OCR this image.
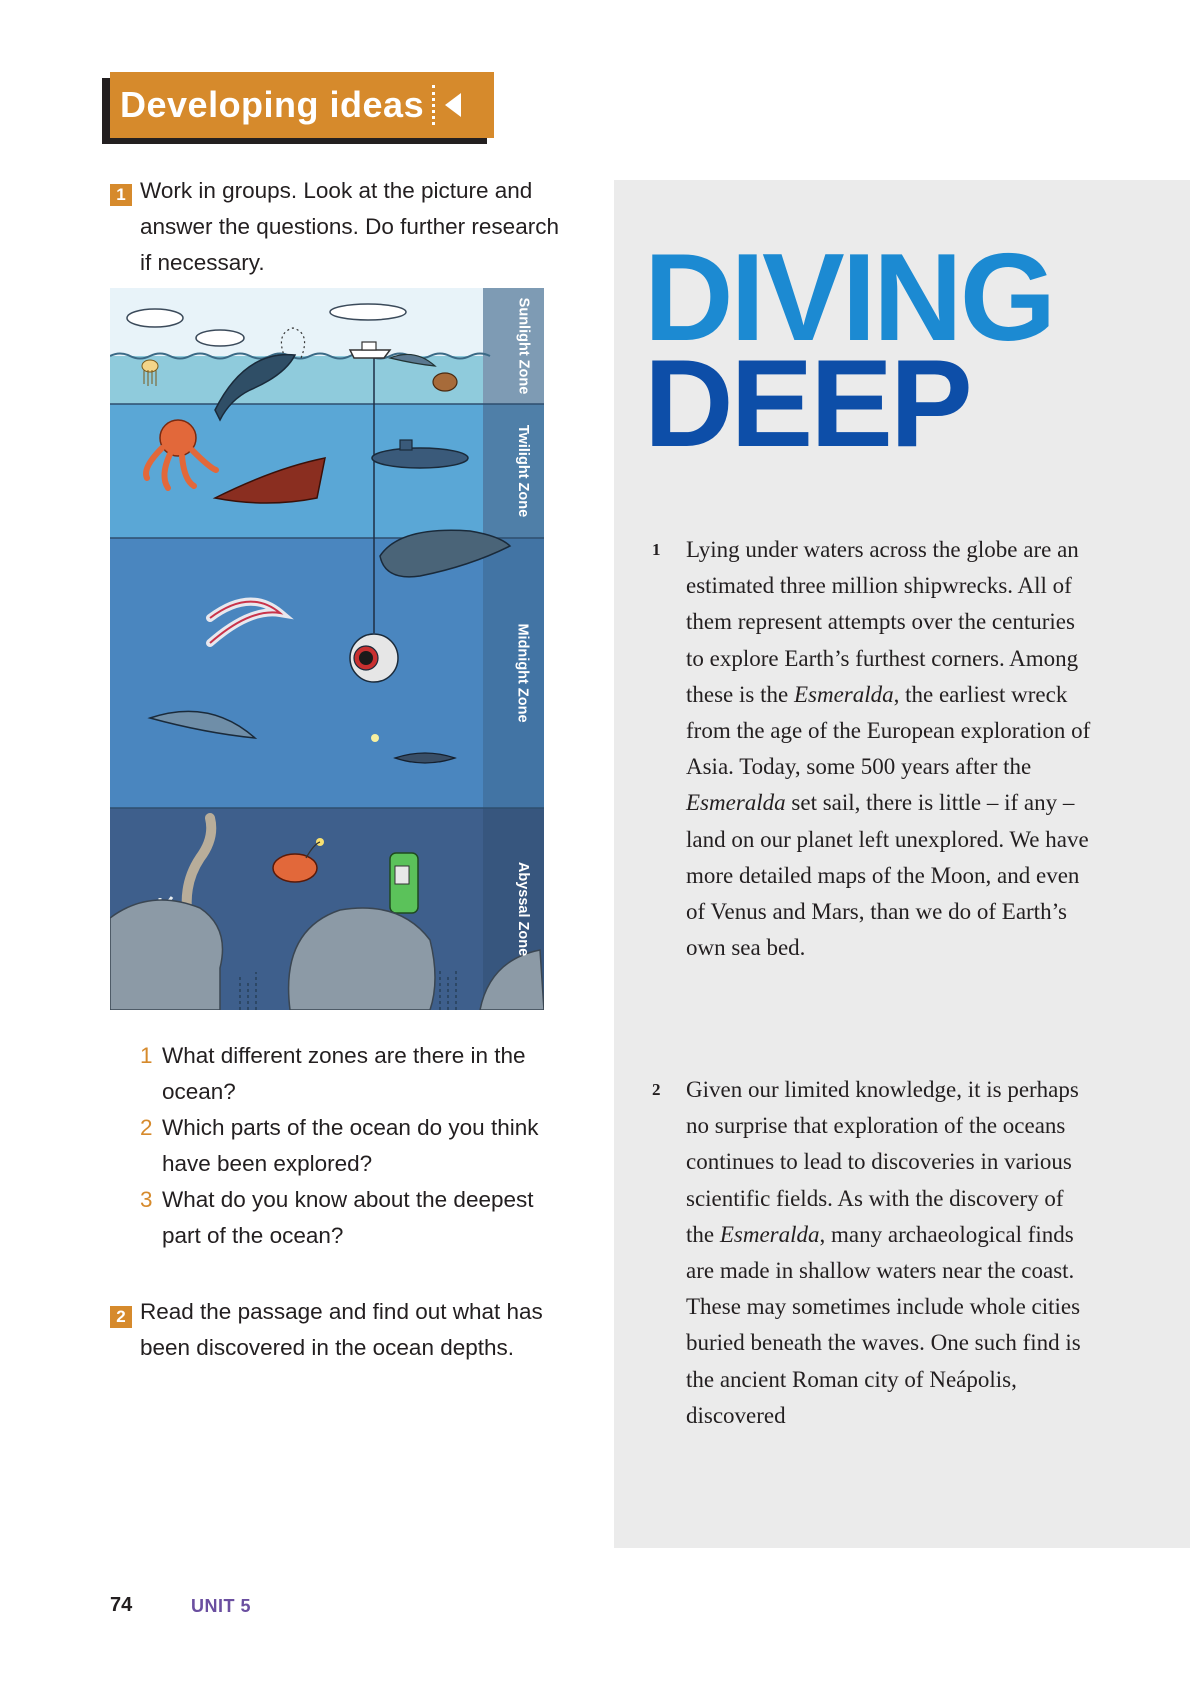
Developing ideas
1 Work in groups. Look at the picture and answer the questions. Do further research if necessary.

Sunlight Zone
Twilight Zone
Midnight Zone
Abyssal Zone
1 What different zones are there in the ocean?
2 Which parts of the ocean do you think have been explored?
3 What do you know about the deepest part of the ocean?
2 Read the passage and find out what has been discovered in the ocean depths.

DIVING
DEEP
1	Lying under waters across the globe are an estimated three million shipwrecks. All of them represent attempts over the centuries to explore Earth’s furthest corners. Among these is the Esmeralda, the earliest wreck from the age of the European exploration of Asia. Today, some 500 years after the Esmeralda set sail, there is little – if any – land on our planet left unexplored. We have more detailed maps of the Moon, and even of Venus and Mars, than we do of Earth’s own sea bed.

2	Given our limited knowledge, it is perhaps no surprise that exploration of the oceans continues to lead to discoveries in various scientific fields. As with the discovery of the Esmeralda, many archaeological finds are made in shallow waters near the coast. These may sometimes include whole cities buried beneath the waves. One such find is the ancient Roman city of Neápolis, discovered

74	UNIT 5
